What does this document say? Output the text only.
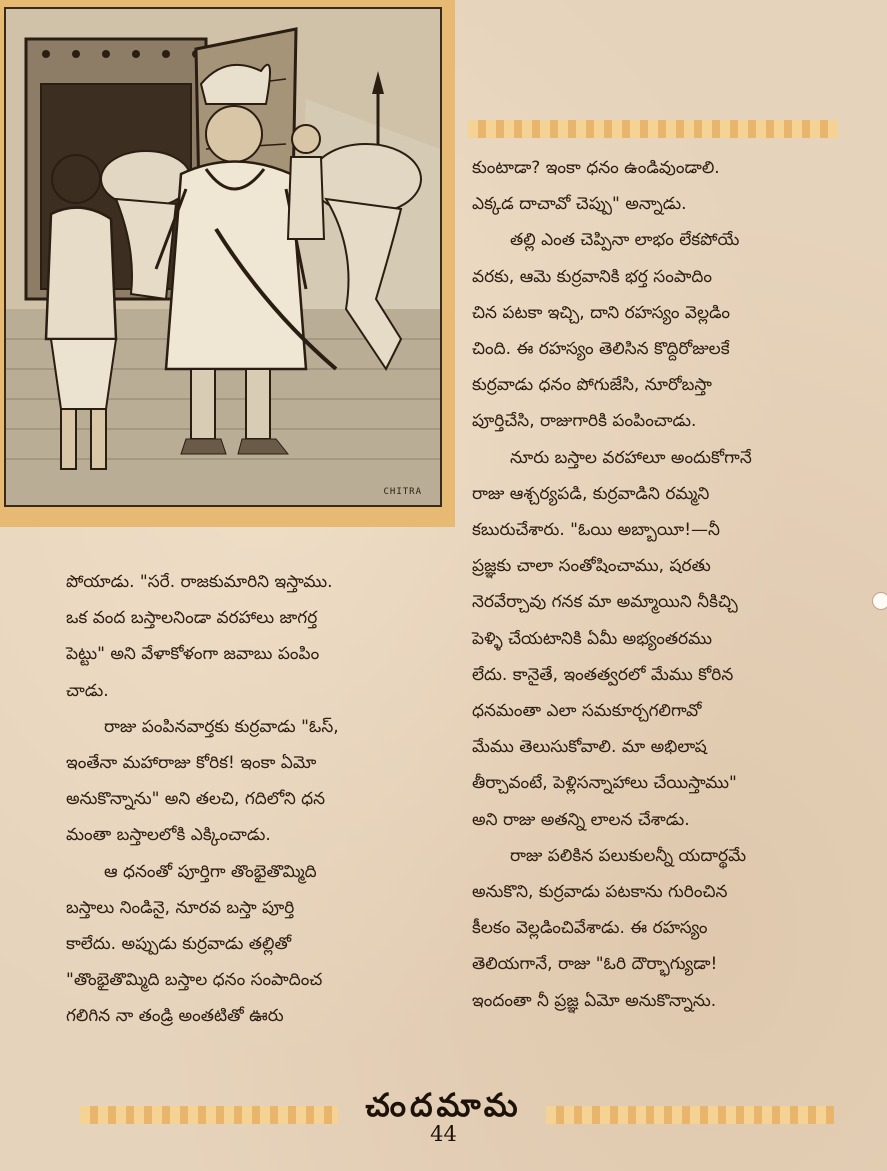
CHITRA

కుంటాడా? ఇంకా ధనం ఉండివుండాలి.
ఎక్కడ దాచావో చెప్పు" అన్నాడు.

తల్లి ఎంత చెప్పినా లాభం లేకపోయే
వరకు, ఆమె కుర్రవానికి భర్త సంపాదిం
చిన పటకా ఇచ్చి, దాని రహస్యం వెల్లడిం
చింది. ఈ రహస్యం తెలిసిన కొద్దిరోజులకే
కుర్రవాడు ధనం పోగుజేసి, నూరోబస్తా
పూర్తిచేసి, రాజుగారికి పంపించాడు.

నూరు బస్తాల వరహాలూ అందుకోగానే
రాజు ఆశ్చర్యపడి, కుర్రవాడిని రమ్మని
కబురుచేశారు. "ఓయి అబ్బాయీ!—నీ
ప్రజ్ఞకు చాలా సంతోషించాము, షరతు
నెరవేర్చావు గనక మా అమ్మాయిని నీకిచ్చి
పెళ్ళి చేయటానికి ఏమీ అభ్యంతరము
లేదు. కానైతే, ఇంతత్వరలో మేము కోరిన
ధనమంతా ఎలా సమకూర్చగలిగావో
మేము తెలుసుకోవాలి. మా అభిలాష
తీర్చావంటే, పెళ్లిసన్నాహాలు చేయిస్తాము"
అని రాజు అతన్ని లాలన చేశాడు.

రాజు పలికిన పలుకులన్నీ యదార్థమే
అనుకొని, కుర్రవాడు పటకాను గురించిన
కీలకం వెల్లడించివేశాడు. ఈ రహస్యం
తెలియగానే, రాజు "ఓరి దౌర్భాగ్యుడా!
ఇందంతా నీ ప్రజ్ఞ ఏమో అనుకొన్నాను.

పోయాడు. "సరే. రాజకుమారిని ఇస్తాము.
ఒక వంద బస్తాలనిండా వరహాలు జాగర్త
పెట్టు" అని వేళాకోళంగా జవాబు పంపిం
చాడు.

రాజు పంపినవార్తకు కుర్రవాడు "ఓస్,
ఇంతేనా మహారాజు కోరిక! ఇంకా ఏమో
అనుకొన్నాను" అని తలచి, గదిలోని ధన
మంతా బస్తాలలోకి ఎక్కించాడు.

ఆ ధనంతో పూర్తిగా తొంభైతొమ్మిది
బస్తాలు నిండినై, నూరవ బస్తా పూర్తి
కాలేదు. అప్పుడు కుర్రవాడు తల్లితో
"తొంభైతొమ్మిది బస్తాల ధనం సంపాదించ
గలిగిన నా తండ్రి అంతటితో ఊరు

చందమామ
44
